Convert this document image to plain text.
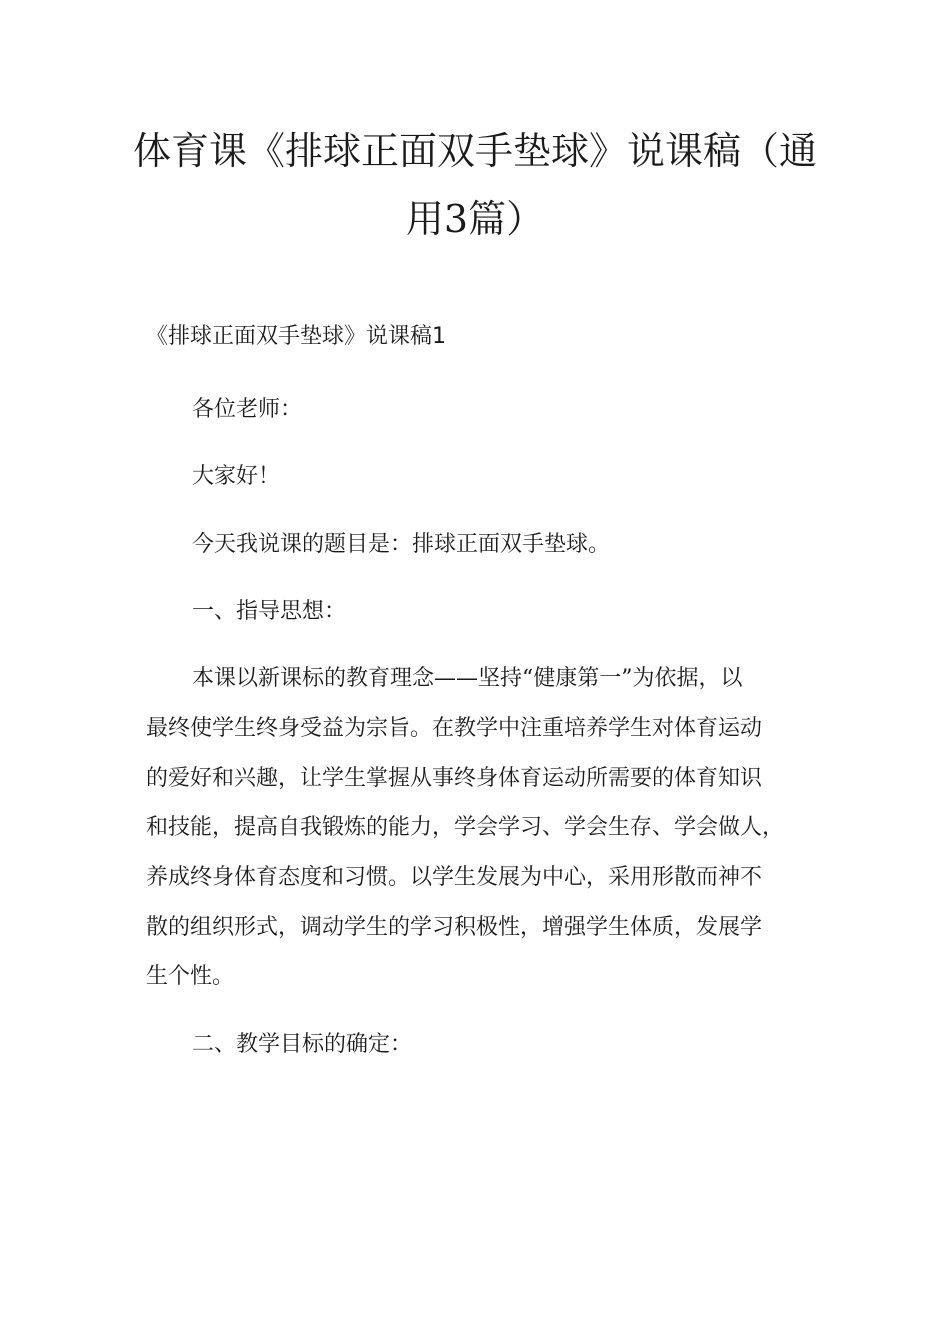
体育课《排球正面双手垫球》说课稿（通
用3篇）

《排球正面双手垫球》说课稿1

各位老师：

大家好！

今天我说课的题目是：排球正面双手垫球。

一、指导思想：

本课以新课标的教育理念——坚持“健康第一”为依据，以

最终使学生终身受益为宗旨。在教学中注重培养学生对体育运动

的爱好和兴趣，让学生掌握从事终身体育运动所需要的体育知识

和技能，提高自我锻炼的能力，学会学习、学会生存、学会做人，

养成终身体育态度和习惯。以学生发展为中心，采用形散而神不

散的组织形式，调动学生的学习积极性，增强学生体质，发展学

生个性。

二、教学目标的确定：
